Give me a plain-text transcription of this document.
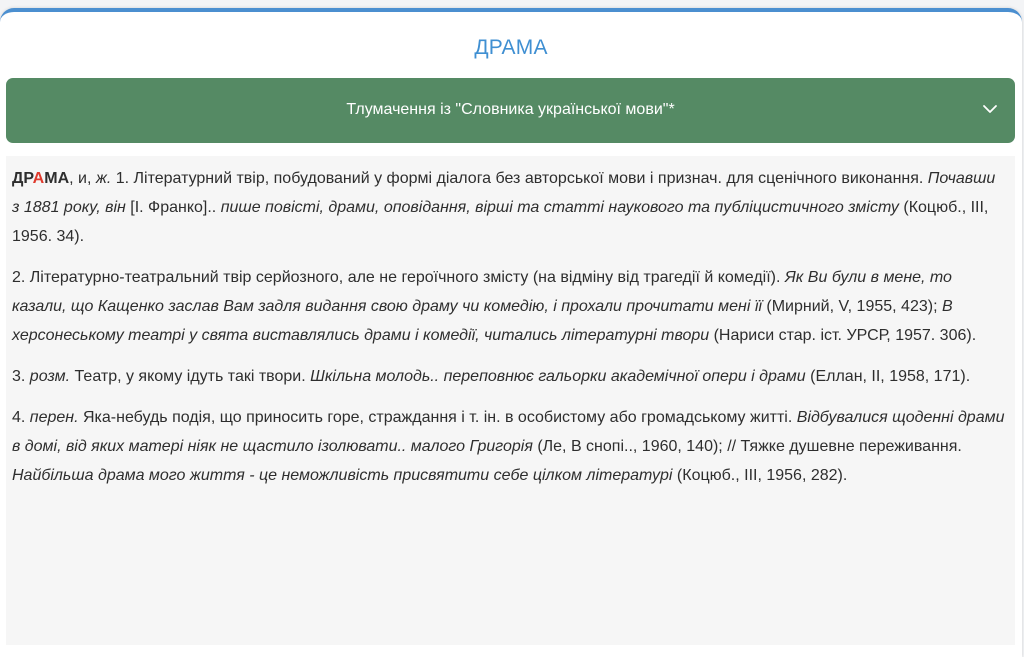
ДРАМА
Тлумачення із "Словника української мови"*

ДРАМА, и, ж. 1. Літературний твір, побудований у формі діалога без авторської мови і признач. для сценічного виконання. Почавши з 1881 року, він [І. Франко].. пише повісті, драми, оповідання, вірші та статті наукового та публіцистичного змісту (Коцюб., III, 1956. 34).

2. Літературно-театральний твір серйозного, але не героїчного змісту (на відміну від трагедії й комедії). Як Ви були в мене, то казали, що Кащенко заслав Вам задля видання свою драму чи комедію, і прохали прочитати мені її (Мирний, V, 1955, 423); В херсонеському театрі у свята виставлялись драми і комедії, читались літературні твори (Нариси стар. іст. УРСР, 1957. 306).

3. розм. Театр, у якому ідуть такі твори. Шкільна молодь.. переповнює гальорки академічної опери і драми (Еллан, II, 1958, 171).

4. перен. Яка-небудь подія, що приносить горе, страждання і т. ін. в особистому або громадському житті. Відбувалися щоденні драми в домі, від яких матері ніяк не щастило ізолювати.. малого Григорія (Ле, В снопі.., 1960, 140); // Тяжке душевне переживання. Найбільша драма мого життя - це неможливість присвятити себе цілком літературі (Коцюб., III, 1956, 282).
